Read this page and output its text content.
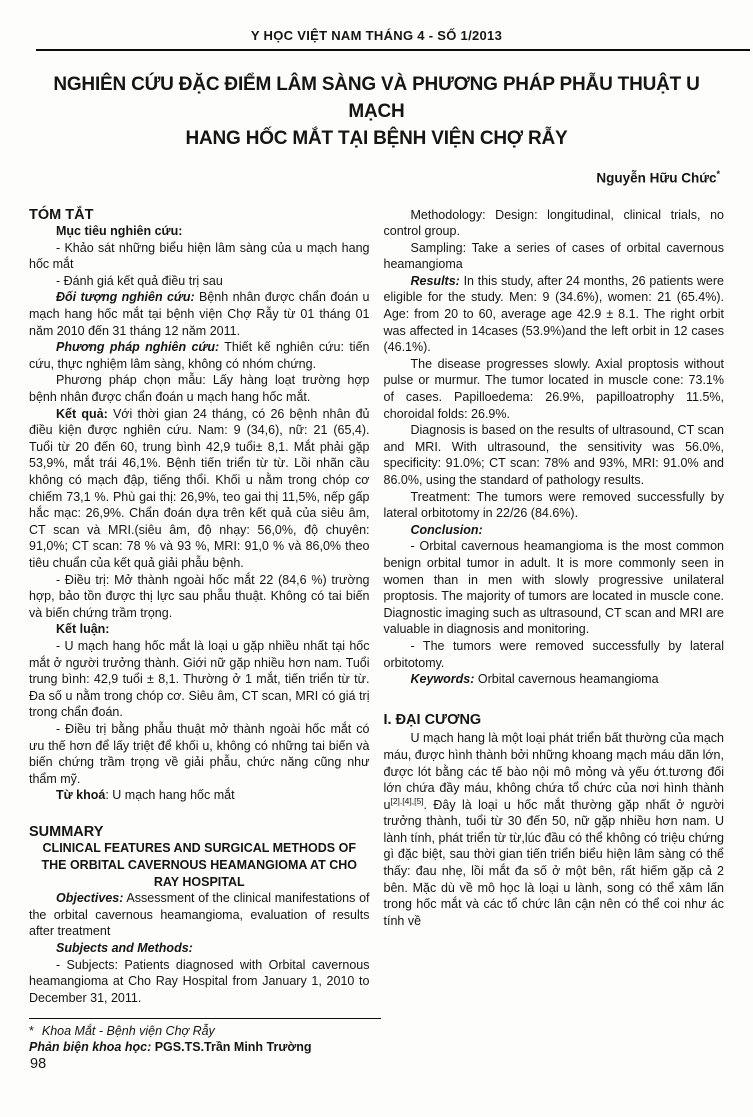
Y HỌC VIỆT NAM THÁNG 4 - SỐ 1/2013
NGHIÊN CỨU ĐẶC ĐIỂM LÂM SÀNG VÀ PHƯƠNG PHÁP PHẪU THUẬT U MẠCH
HANG HỐC MẮT TẠI BỆNH VIỆN CHỢ RẪY
Nguyễn Hữu Chức*
TÓM TẮT

Mục tiêu nghiên cứu:

- Khảo sát những biểu hiện lâm sàng của u mạch hang hốc mắt

- Đánh giá kết quả điều trị sau

Đối tượng nghiên cứu: Bệnh nhân được chẩn đoán u mạch hang hốc mắt tại bệnh viện Chợ Rẫy từ 01 tháng 01 năm 2010 đến 31 tháng 12 năm 2011.

Phương pháp nghiên cứu: Thiết kế nghiên cứu: tiến cứu, thực nghiệm lâm sàng, không có nhóm chứng.

Phương pháp chọn mẫu: Lấy hàng loạt trường hợp bệnh nhân được chẩn đoán u mạch hang hốc mắt.

Kết quả: Với thời gian 24 tháng, có 26 bệnh nhân đủ điều kiện được nghiên cứu. Nam: 9 (34,6), nữ: 21 (65,4). Tuổi từ 20 đến 60, trung bình 42,9 tuổi± 8,1. Mắt phải gặp 53,9%, mắt trái 46,1%. Bệnh tiến triển từ từ. Lồi nhãn cầu không có mạch đập, tiếng thổi. Khối u nằm trong chóp cơ chiếm 73,1 %. Phù gai thị: 26,9%, teo gai thị 11,5%, nếp gấp hắc mạc: 26,9%. Chẩn đoán dựa trên kết quả của siêu âm, CT scan và MRI.(siêu âm, độ nhạy: 56,0%, độ chuyên: 91,0%; CT scan: 78 % và 93 %, MRI: 91,0 % và 86,0% theo tiêu chuẩn của kết quả giải phẫu bệnh.

- Điều trị: Mở thành ngoài hốc mắt 22 (84,6 %) trường hợp, bảo tồn được thị lực sau phẫu thuật. Không có tai biến và biến chứng trầm trọng.

Kết luận:

- U mạch hang hốc mắt là loại u gặp nhiều nhất tại hốc mắt ở người trưởng thành. Giới nữ gặp nhiều hơn nam. Tuổi trung bình: 42,9 tuổi ± 8,1. Thường ở 1 mắt, tiến triển từ từ. Đa số u nằm trong chóp cơ. Siêu âm, CT scan, MRI có giá trị trong chẩn đoán.

- Điều trị bằng phẫu thuật mở thành ngoài hốc mắt có ưu thế hơn để lấy triệt để khối u, không có những tai biến và biến chứng trầm trọng về giải phẫu, chức năng cũng như thẩm mỹ.

Từ khoá: U mạch hang hốc mắt

SUMMARY

CLINICAL FEATURES AND SURGICAL METHODS OF THE ORBITAL CAVERNOUS HEAMANGIOMA AT CHO RAY HOSPITAL

Objectives: Assessment of the clinical manifestations of the orbital cavernous heamangioma, evaluation of results after treatment

Subjects and Methods:

- Subjects: Patients diagnosed with Orbital cavernous heamangioma at Cho Ray Hospital from January 1, 2010 to December 31, 2011.

Methodology: Design: longitudinal, clinical trials, no control group.

Sampling: Take a series of cases of orbital cavernous heamangioma

Results: In this study, after 24 months, 26 patients were eligible for the study. Men: 9 (34.6%), women: 21 (65.4%). Age: from 20 to 60, average age 42.9 ± 8.1. The right orbit was affected in 14cases (53.9%)and the left orbit in 12 cases (46.1%).

The disease progresses slowly. Axial proptosis without pulse or murmur. The tumor located in muscle cone: 73.1% of cases. Papilloedema: 26.9%, papilloatrophy 11.5%, choroidal folds: 26.9%.

Diagnosis is based on the results of ultrasound, CT scan and MRI. With ultrasound, the sensitivity was 56.0%, specificity: 91.0%; CT scan: 78% and 93%, MRI: 91.0% and 86.0%, using the standard of pathology results.

Treatment: The tumors were removed successfully by lateral orbitotomy in 22/26 (84.6%).

Conclusion:

- Orbital cavernous heamangioma is the most common benign orbital tumor in adult. It is more commonly seen in women than in men with slowly progressive unilateral proptosis. The majority of tumors are located in muscle cone. Diagnostic imaging such as ultrasound, CT scan and MRI are valuable in diagnosis and monitoring.

- The tumors were removed successfully by lateral orbitotomy.

Keywords: Orbital cavernous heamangioma

I. ĐẠI CƯƠNG

U mạch hang là một loại phát triển bất thường của mạch máu, được hình thành bởi những khoang mạch máu dãn lớn, được lót bằng các tế bào nội mô mỏng và yếu ớt.tương đối lớn chứa đầy máu, không chứa tổ chức của nơi hình thành u[2].[4],[5]. Đây là loại u hốc mắt thường gặp nhất ở người trưởng thành, tuổi từ 30 đến 50, nữ gặp nhiều hơn nam. U lành tính, phát triển từ từ,lúc đầu có thể không có triệu chứng gì đặc biệt, sau thời gian tiến triển biểu hiện lâm sàng có thể thấy: đau nhẹ, lồi mắt đa số ở một bên, rất hiếm gặp cả 2 bên. Mặc dù về mô học là loại u lành, song có thể xâm lấn trong hốc mắt và các tổ chức lân cận nên có thể coi như ác tính về

* Khoa Mắt - Bệnh viện Chợ Rẫy
Phản biện khoa học: PGS.TS.Trần Minh Trường
98
